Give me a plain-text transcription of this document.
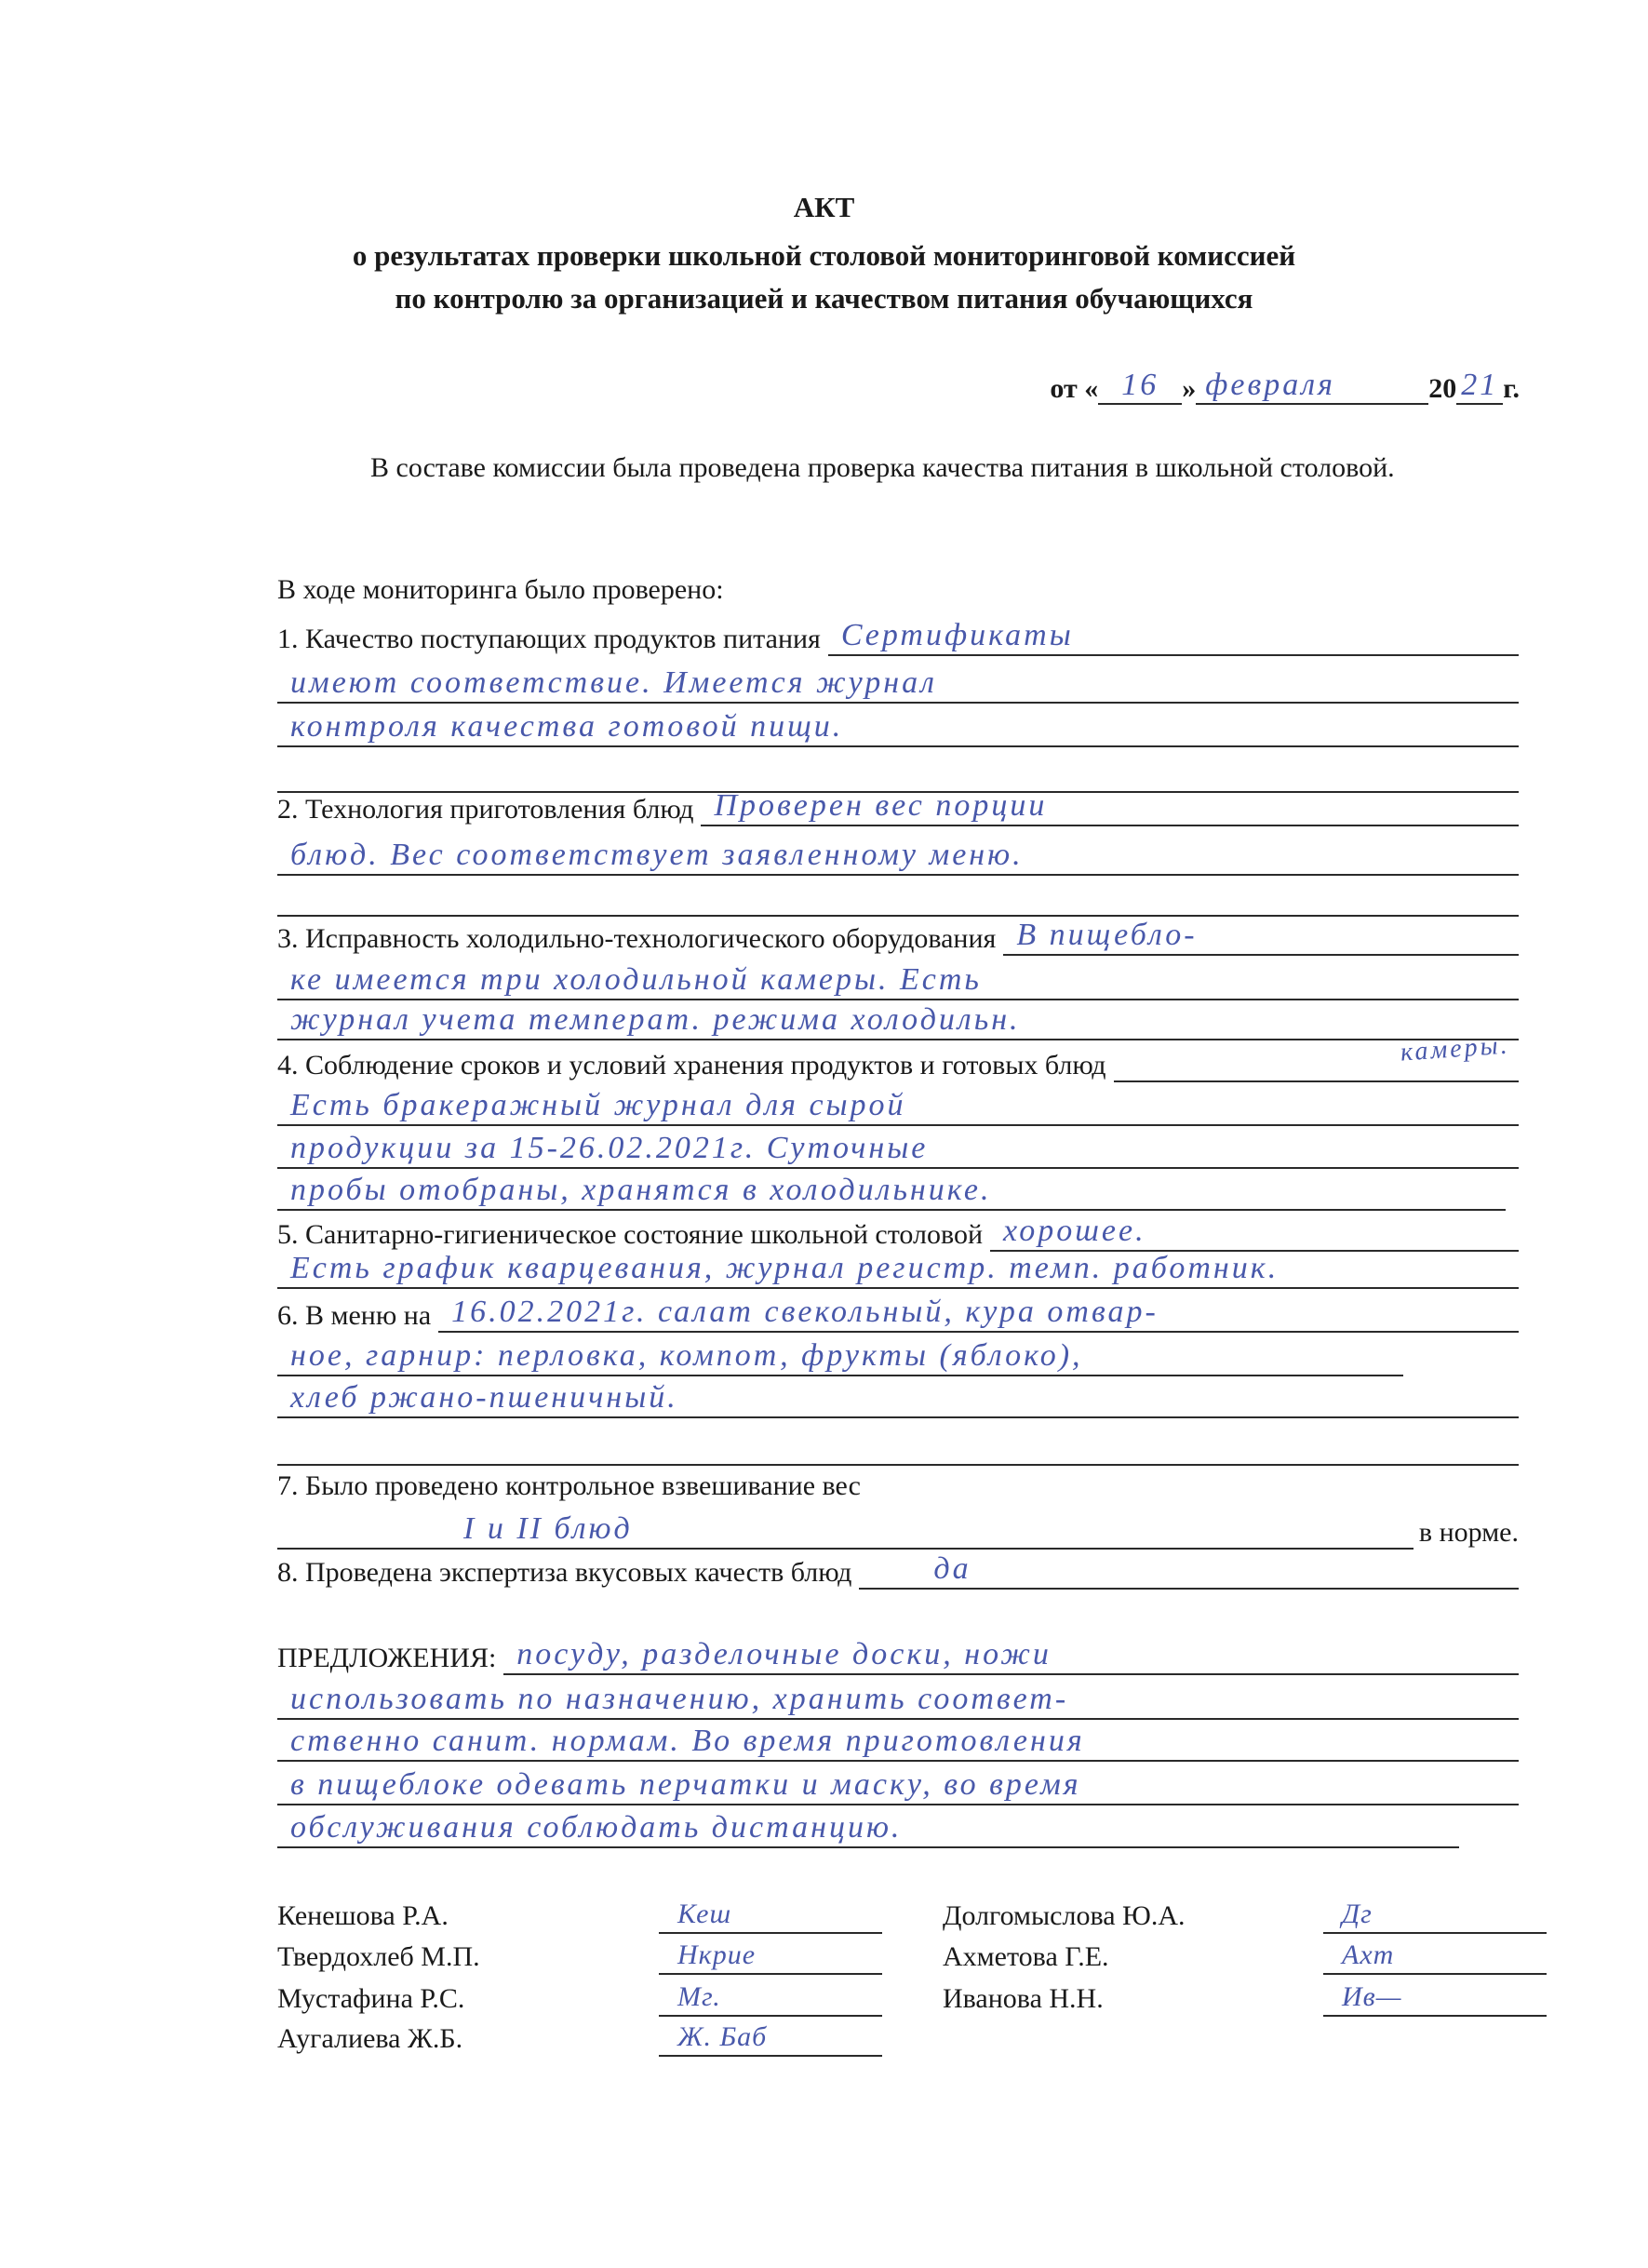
АКТ
о результатах проверки школьной столовой мониторинговой комиссией
по контролю за организацией и качеством питания обучающихся
от « 16 » февраля	20 21 г.
В составе комиссии была проведена проверка качества питания в школьной столовой.
В ходе мониторинга было проверено:
1. Качество поступающих продуктов питания Сертификаты
имеют соответствие. Имеется журнал
контроля качества готовой пищи.
2. Технология приготовления блюд Проверен вес порции
блюд. Вес соответствует заявленному меню.
3. Исправность холодильно-технологического оборудования В пищебло-
ке имеется три холодильной камеры. Есть
журнал учета температ. режима холодильн.
камеры.
4. Соблюдение сроков и условий хранения продуктов и готовых блюд
Есть бракеражный журнал для сырой
продукции за 15-26.02.2021г. Суточные
пробы отобраны, хранятся в холодильнике.
5. Санитарно-гигиеническое состояние школьной столовой хорошее.
Есть график кварцевания, журнал регистр. темп. работник.
6. В меню на 16.02.2021г. салат свекольный, кура отвар-
ное, гарнир: перловка, компот, фрукты (яблоко),
хлеб ржано-пшеничный.
7. Было проведено контрольное взвешивание вес
I и II блюд	в норме.
8. Проведена экспертиза вкусовых качеств блюд	да
ПРЕДЛОЖЕНИЯ: посуду, разделочные доски, ножи
использовать по назначению, хранить соответ-
ственно санит. нормам. Во время приготовления
в пищеблоке одевать перчатки и маску, во время
обслуживания соблюдать дистанцию.
Кенешова Р.А.	Кеш
Твердохлеб М.П.	Нкрие
Мустафина Р.С.	Мг.
Аугалиева Ж.Б.	Ж. Баб
Долгомыслова Ю.А.	Дг
Ахметова Г.Е.	Ахт
Иванова Н.Н.	Ив—
